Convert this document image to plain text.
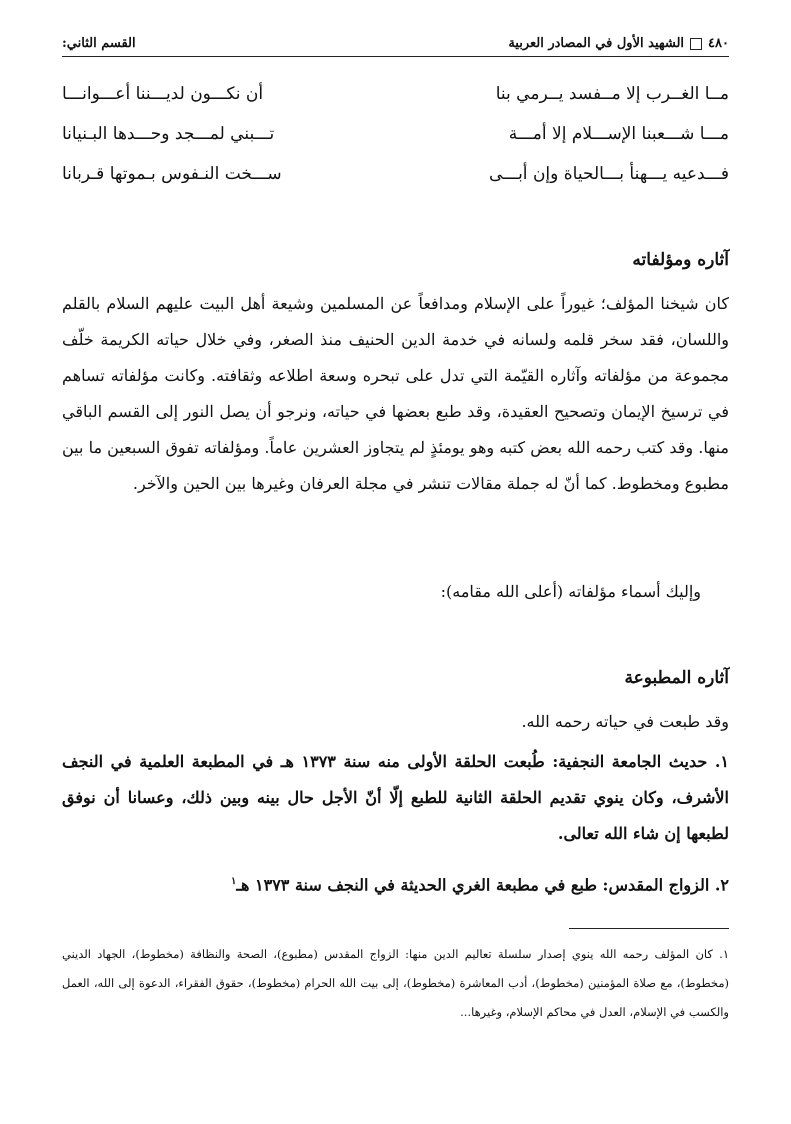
٤٨٠
الشهيد الأول في المصادر العربية
القسم الثاني:
مــا الغــرب إلا مــفسد يــرمي بنا
أن نكـــون لديـــننا أعـــوانـــا
مـــا شـــعبنا الإســـلام إلا أمـــة
تـــبني لمـــجد وحـــدها البـنيانا
فـــدعيه يـــهنأ بـــالحياة وإن أبـــى
ســـخت النـفوس بـموتها قـربانا
آثاره ومؤلفاته
كان شيخنا المؤلف؛ غيوراً على الإسلام ومدافعاً عن المسلمين وشيعة أهل البيت عليهم السلام بالقلم واللسان، فقد سخر قلمه ولسانه في خدمة الدين الحنيف منذ الصغر، وفي خلال حياته الكريمة خلّف مجموعة من مؤلفاته وآثاره القيّمة التي تدل على تبحره وسعة اطلاعه وثقافته. وكانت مؤلفاته تساهم في ترسيخ الإيمان وتصحيح العقيدة، وقد طبع بعضها في حياته، ونرجو أن يصل النور إلى القسم الباقي منها. وقد كتب رحمه الله بعض كتبه وهو يومئذٍ لم يتجاوز العشرين عاماً. ومؤلفاته تفوق السبعين ما بين مطبوع ومخطوط. كما أنّ له جملة مقالات تنشر في مجلة العرفان وغيرها بين الحين والآخر.
وإليك أسماء مؤلفاته (أعلى الله مقامه):
آثاره المطبوعة
وقد طبعت في حياته رحمه الله.
١. حديث الجامعة النجفية: طُبعت الحلقة الأولى منه سنة ١٣٧٣ هـ في المطبعة العلمية في النجف الأشرف، وكان ينوي تقديم الحلقة الثانية للطبع إلّا أنّ الأجل حال بينه وبين ذلك، وعسانا أن نوفق لطبعها إن شاء الله تعالى.
٢. الزواج المقدس: طبع في مطبعة الغري الحديثة في النجف سنة ١٣٧٣ هـ$^١$
١. كان المؤلف رحمه الله ينوي إصدار سلسلة تعاليم الدين منها: الزواج المقدس (مطبوع)، الصحة والنظافة (مخطوط)، الجهاد الديني (مخطوط)، مع صلاة المؤمنين (مخطوط)، أدب المعاشرة (مخطوط)، إلى بيت الله الحرام (مخطوط)، حقوق الفقراء، الدعوة إلى الله، العمل والكسب في الإسلام، العدل في محاكم الإسلام، وغيرها...
